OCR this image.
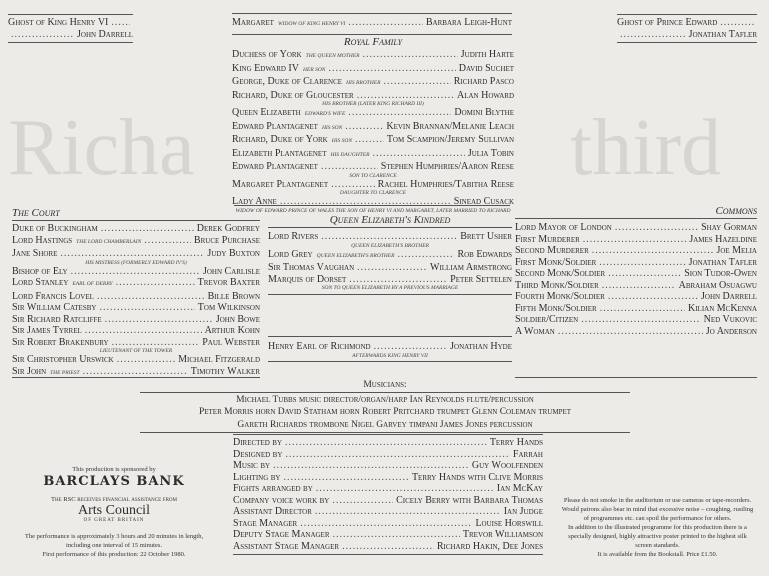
Richa	third
Ghost of King Henry VI
.....
.....
John Darrell
Ghost of Prince Edward
.....
.....
Jonathan Tafler
Margaret WIDOW OF KING HENRY VI .....	Barbara Leigh-Hunt
Royal Family
Duchess of York THE QUEEN MOTHER .....	Judith Harte
King Edward IV HER SON .....	David Suchet
George, Duke of Clarence HIS BROTHER .....	Richard Pasco
Richard, Duke of Gloucester .....	Alan Howard
HIS BROTHER (LATER KING RICHARD III)
Queen Elizabeth EDWARD'S WIFE .....	Domini Blythe
Edward Plantagenet HIS SON .....	Kevin Brannan/Melanie Leach
Richard, Duke of York HIS SON .....	Tom Scampion/Jeremy Sullivan
Elizabeth Plantagenet HIS DAUGHTER .....	Julia Tobin
Edward Plantagenet .....	Stephen Humphries/Aaron Reese
SON TO CLARENCE
Margaret Plantagenet .....	Rachel Humphries/Tabitha Reese
DAUGHTER TO CLARENCE
Lady Anne .....	Sinead Cusack
WIDOW OF EDWARD PRINCE OF WALES THE SON OF HENRY VI AND MARGARET, LATER MARRIED TO RICHARD
The Court
Duke of Buckingham .....	Derek Godfrey
Lord Hastings THE LORD CHAMBERLAIN .....	Bruce Purchase
Jane Shore .....	Judy Buxton
HIS MISTRESS (FORMERLY EDWARD IV'S)
Bishop of Ely .....	John Carlisle
Lord Stanley EARL OF DERBY .....	Trevor Baxter
Lord Francis Lovel .....	Bille Brown
Sir William Catesby .....	Tom Wilkinson
Sir Richard Ratcliffe .....	John Bowe
Sir James Tyrrel .....	Arthur Kohn
Sir Robert Brakenbury .....	Paul Webster
LIEUTENANT OF THE TOWER
Sir Christopher Urswick .....	Michael Fitzgerald
Sir John THE PRIEST .....	Timothy Walker
Queen Elizabeth's Kindred
Lord Rivers .....	Brett Usher
QUEEN ELIZABETH'S BROTHER
Lord Grey QUEEN ELIZABETH'S BROTHER .....	Rob Edwards
Sir Thomas Vaughan .....	William Armstrong
Marquis of Dorset .....	Peter Settelen
SON TO QUEEN ELIZABETH BY A PREVIOUS MARRIAGE
Henry Earl of Richmond .....	Jonathan Hyde
AFTERWARDS KING HENRY VII
Commons
Lord Mayor of London .....	Shay Gorman
First Murderer .....	James Hazeldine
Second Murderer .....	Joe Melia
First Monk/Soldier .....	Jonathan Tafler
Second Monk/Soldier .....	Sion Tudor-Owen
Third Monk/Soldier .....	Abraham Osuagwu
Fourth Monk/Soldier .....	John Darrell
Fifth Monk/Soldier .....	Kilian McKenna
Soldier/Citizen .....	Ned Vukovic
A Woman .....	Jo Anderson
Musicians:
Michael Tubbs music director/organ/harp Ian Reynolds flute/percussion
Peter Morris horn David Statham horn Robert Pritchard trumpet Glenn Coleman trumpet
Gareth Richards trombone Nigel Garvey timpani James Jones percussion
Directed by .....	Terry Hands
Designed by .....	Farrah
Music by .....	Guy Woolfenden
Lighting by .....	Terry Hands with Clive Morris
Fights arranged by .....	Ian McKay
Company voice work by .....	Cicely Berry with Barbara Thomas
Assistant Director .....	Ian Judge
Stage Manager .....	Louise Horswill
Deputy Stage Manager .....	Trevor Williamson
Assistant Stage Manager .....	Richard Hakin, Dee Jones
This production is sponsored by
BARCLAYS BANK
The RSC receives financial assistance from
Arts Council
OF GREAT BRITAIN
The performance is approximately 3 hours and 20 minutes in length, including one interval of 15 minutes.
First performance of this production: 22 October 1980.
Please do not smoke in the auditorium or use cameras or tape-recorders.
Would patrons also bear in mind that excessive noise – coughing, rustling of programmes etc. can spoil the performance for others.
In addition to the illustrated programme for this production there is a specially designed, highly attractive poster printed to the highest silk screen standards.
It is available from the Bookstall. Price £1.50.
